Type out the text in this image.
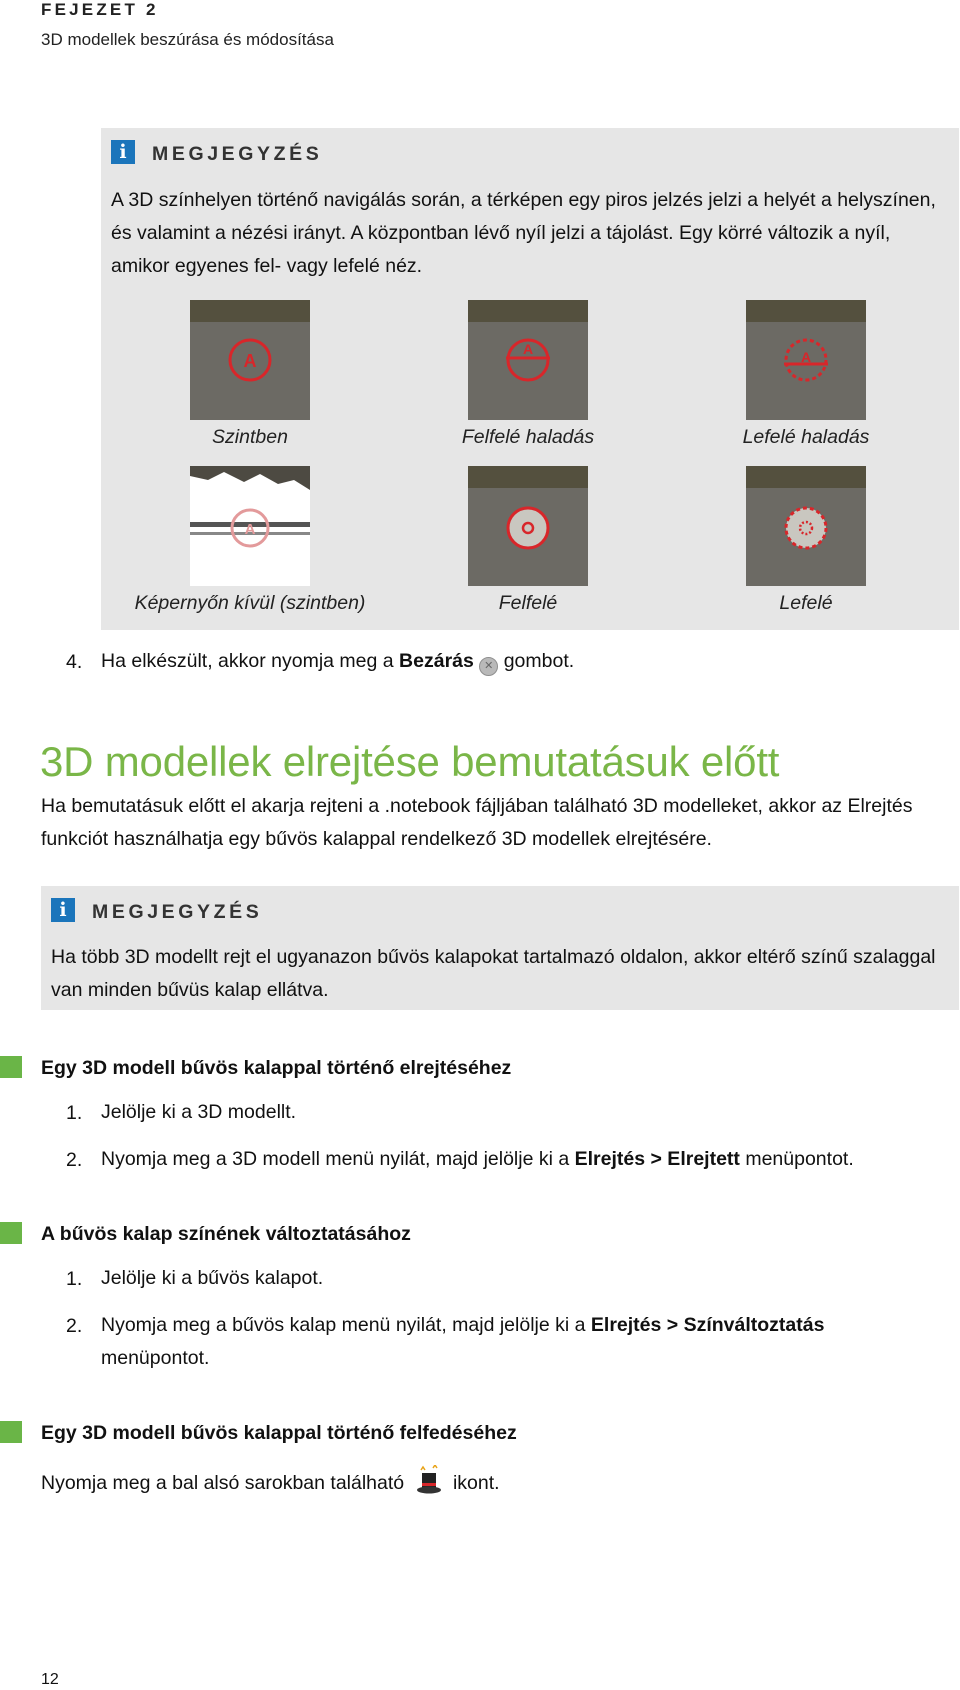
FEJEZET 2
3D modellek beszúrása és módosítása
i	MEGJEGYZÉS
A 3D színhelyen történő navigálás során, a térképen egy piros jelzés jelzi a helyét a helyszínen, és valamint a nézési irányt. A központban lévő nyíl jelzi a tájolást. Egy körré változik a nyíl, amikor egyenes fel- vagy lefelé néz.
A
A	A
Szintben	Felfelé haladás	Lefelé haladás
A
Képernyőn kívül (szintben)	Felfelé	Lefelé
4. Ha elkészült, akkor nyomja meg a Bezárás ✕ gombot.
3D modellek elrejtése bemutatásuk előtt
Ha bemutatásuk előtt el akarja rejteni a .notebook fájljában található 3D modelleket, akkor az Elrejtés funkciót használhatja egy bűvös kalappal rendelkező 3D modellek elrejtésére.
i	MEGJEGYZÉS
Ha több 3D modellt rejt el ugyanazon bűvös kalapokat tartalmazó oldalon, akkor eltérő színű szalaggal van minden bűvüs kalap ellátva.
Egy 3D modell bűvös kalappal történő elrejtéséhez
1. Jelölje ki a 3D modellt.
2. Nyomja meg a 3D modell menü nyilát, majd jelölje ki a Elrejtés > Elrejtett menüpontot.
A bűvös kalap színének változtatásához
1. Jelölje ki a bűvös kalapot.
2. Nyomja meg a bűvös kalap menü nyilát, majd jelölje ki a Elrejtés > Színváltoztatás menüpontot.
Egy 3D modell bűvös kalappal történő felfedéséhez
Nyomja meg a bal alsó sarokban található	ikont.
12
